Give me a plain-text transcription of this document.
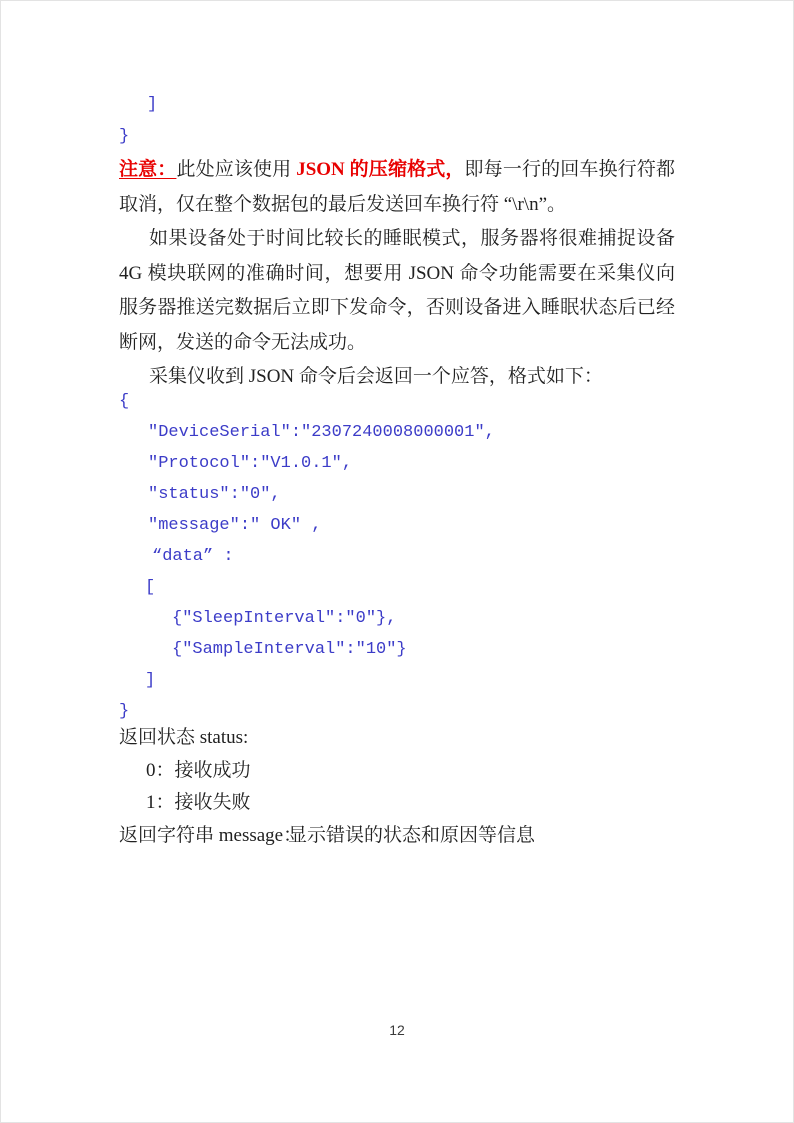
]
}

注意：此处应该使用 JSON 的压缩格式，即每一行的回车换行符都取消，仅在整个数据包的最后发送回车换行符 “\r\n”。

如果设备处于时间比较长的睡眠模式，服务器将很难捕捉设备 4G 模块联网的准确时间，想要用 JSON 命令功能需要在采集仪向服务器推送完数据后立即下发命令，否则设备进入睡眠状态后已经断网，发送的命令无法成功。

采集仪收到 JSON 命令后会返回一个应答，格式如下：

{
"DeviceSerial":"2307240008000001",
"Protocol":"V1.0.1",
"status":"0",
"message":" OK" ,
“data” :
[
{"SleepInterval":"0"},
{"SampleInterval":"10"}
]
}

返回状态 status:

0：接收成功

1：接收失败

返回字符串 message：
显示错误的状态和原因等信息

12
